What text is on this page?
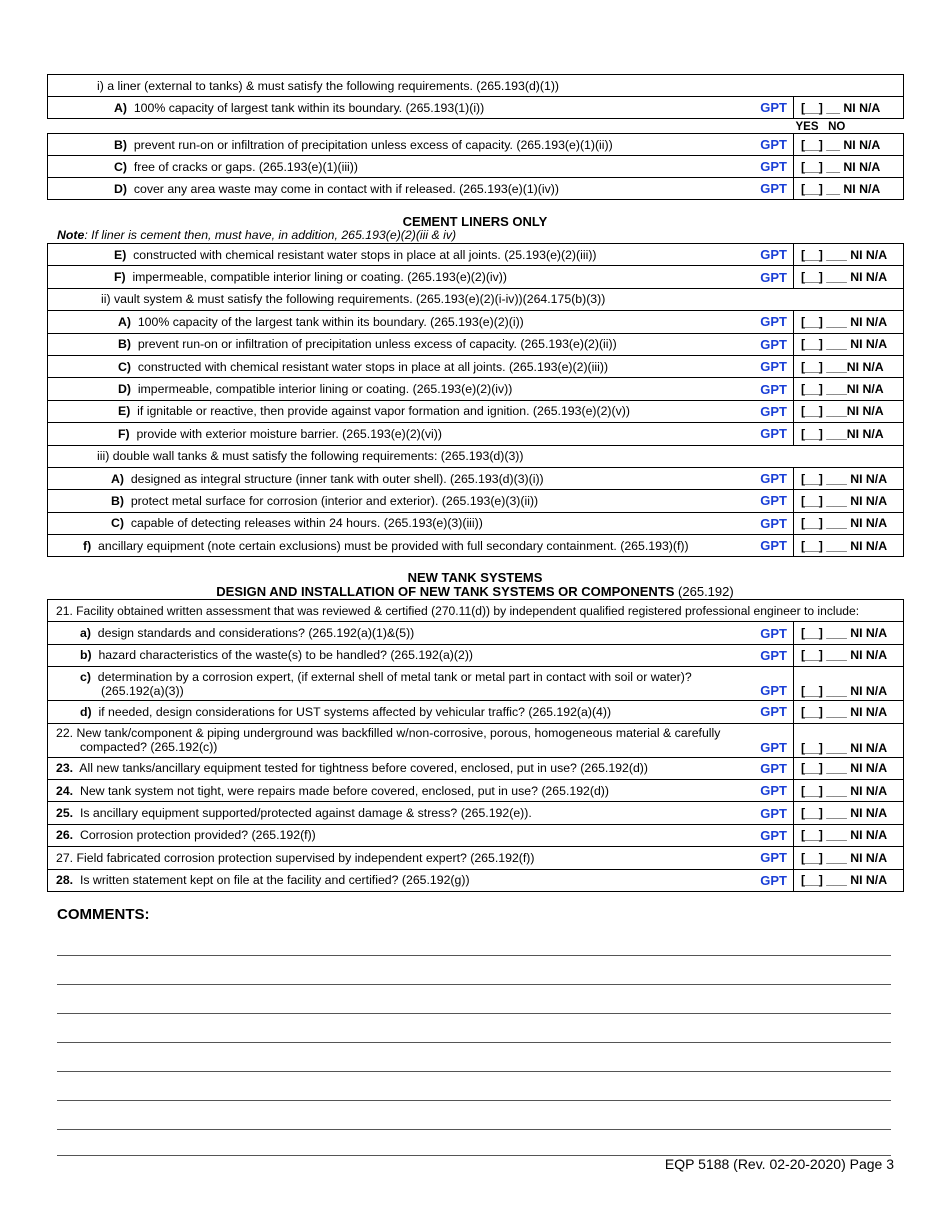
i) a liner (external to tanks) & must satisfy the following requirements. (265.193(d)(1))		
A) 100% capacity of largest tank within its boundary. (265.193(1)(i))	GPT	[__] __ NI N/A
		YES   NO
B) prevent run-on or infiltration of precipitation unless excess of capacity. (265.193(e)(1)(ii))	GPT	[__] __ NI N/A
C) free of cracks or gaps. (265.193(e)(1)(iii))	GPT	[__] __ NI N/A
D) cover any area waste may come in contact with if released. (265.193(e)(1)(iv))	GPT	[__] __ NI N/A
CEMENT LINERS ONLY
Note: If liner is cement then, must have, in addition, 265.193(e)(2)(iii & iv)
E) constructed with chemical resistant water stops in place at all joints. (25.193(e)(2)(iii))	GPT	[__] ___ NI N/A
F) impermeable, compatible interior lining or coating. (265.193(e)(2)(iv))	GPT	[__] ___ NI N/A
ii) vault system & must satisfy the following requirements. (265.193(e)(2)(i-iv))(264.175(b)(3))		
A) 100% capacity of the largest tank within its boundary. (265.193(e)(2)(i))	GPT	[__] ___ NI N/A
B) prevent run-on or infiltration of precipitation unless excess of capacity. (265.193(e)(2)(ii))	GPT	[__] ___ NI N/A
C) constructed with chemical resistant water stops in place at all joints. (265.193(e)(2)(iii))	GPT	[__] ___NI N/A
D) impermeable, compatible interior lining or coating. (265.193(e)(2)(iv))	GPT	[__] ___NI N/A
E) if ignitable or reactive, then provide against vapor formation and ignition. (265.193(e)(2)(v))	GPT	[__] ___NI N/A
F) provide with exterior moisture barrier. (265.193(e)(2)(vi))	GPT	[__] ___NI N/A
iii) double wall tanks & must satisfy the following requirements: (265.193(d)(3))		
A) designed as integral structure (inner tank with outer shell). (265.193(d)(3)(i))	GPT	[__] ___ NI N/A
B) protect metal surface for corrosion (interior and exterior). (265.193(e)(3)(ii))	GPT	[__] ___ NI N/A
C) capable of detecting releases within 24 hours. (265.193(e)(3)(iii))	GPT	[__] ___ NI N/A
f) ancillary equipment (note certain exclusions) must be provided with full secondary containment. (265.193)(f))	GPT	[__] ___ NI N/A
NEW TANK SYSTEMS
DESIGN AND INSTALLATION OF NEW TANK SYSTEMS OR COMPONENTS (265.192)
21. Facility obtained written assessment that was reviewed & certified (270.11(d)) by independent qualified registered professional engineer to include:		
a) design standards and considerations? (265.192(a)(1)&(5))	GPT	[__] ___ NI N/A
b) hazard characteristics of the waste(s) to be handled? (265.192(a)(2))	GPT	[__] ___ NI N/A
c) determination by a corrosion expert, (if external shell of metal tank or metal part in contact with soil or water)?
(265.192(a)(3))	GPT	[__] ___ NI N/A
d) if needed, design considerations for UST systems affected by vehicular traffic? (265.192(a)(4))	GPT	[__] ___ NI N/A
22. New tank/component & piping underground was backfilled w/non-corrosive, porous, homogeneous material & carefully
compacted? (265.192(c))	GPT	[__] ___ NI N/A
23. All new tanks/ancillary equipment tested for tightness before covered, enclosed, put in use? (265.192(d))	GPT	[__] ___ NI N/A
24. New tank system not tight, were repairs made before covered, enclosed, put in use? (265.192(d))	GPT	[__] ___ NI N/A
25. Is ancillary equipment supported/protected against damage & stress? (265.192(e)).	GPT	[__] ___ NI N/A
26. Corrosion protection provided? (265.192(f))	GPT	[__] ___ NI N/A
27. Field fabricated corrosion protection supervised by independent expert? (265.192(f))	GPT	[__] ___ NI N/A
28. Is written statement kept on file at the facility and certified? (265.192(g))	GPT	[__] ___ NI N/A
COMMENTS:
EQP 5188 (Rev. 02-20-2020) Page 3
